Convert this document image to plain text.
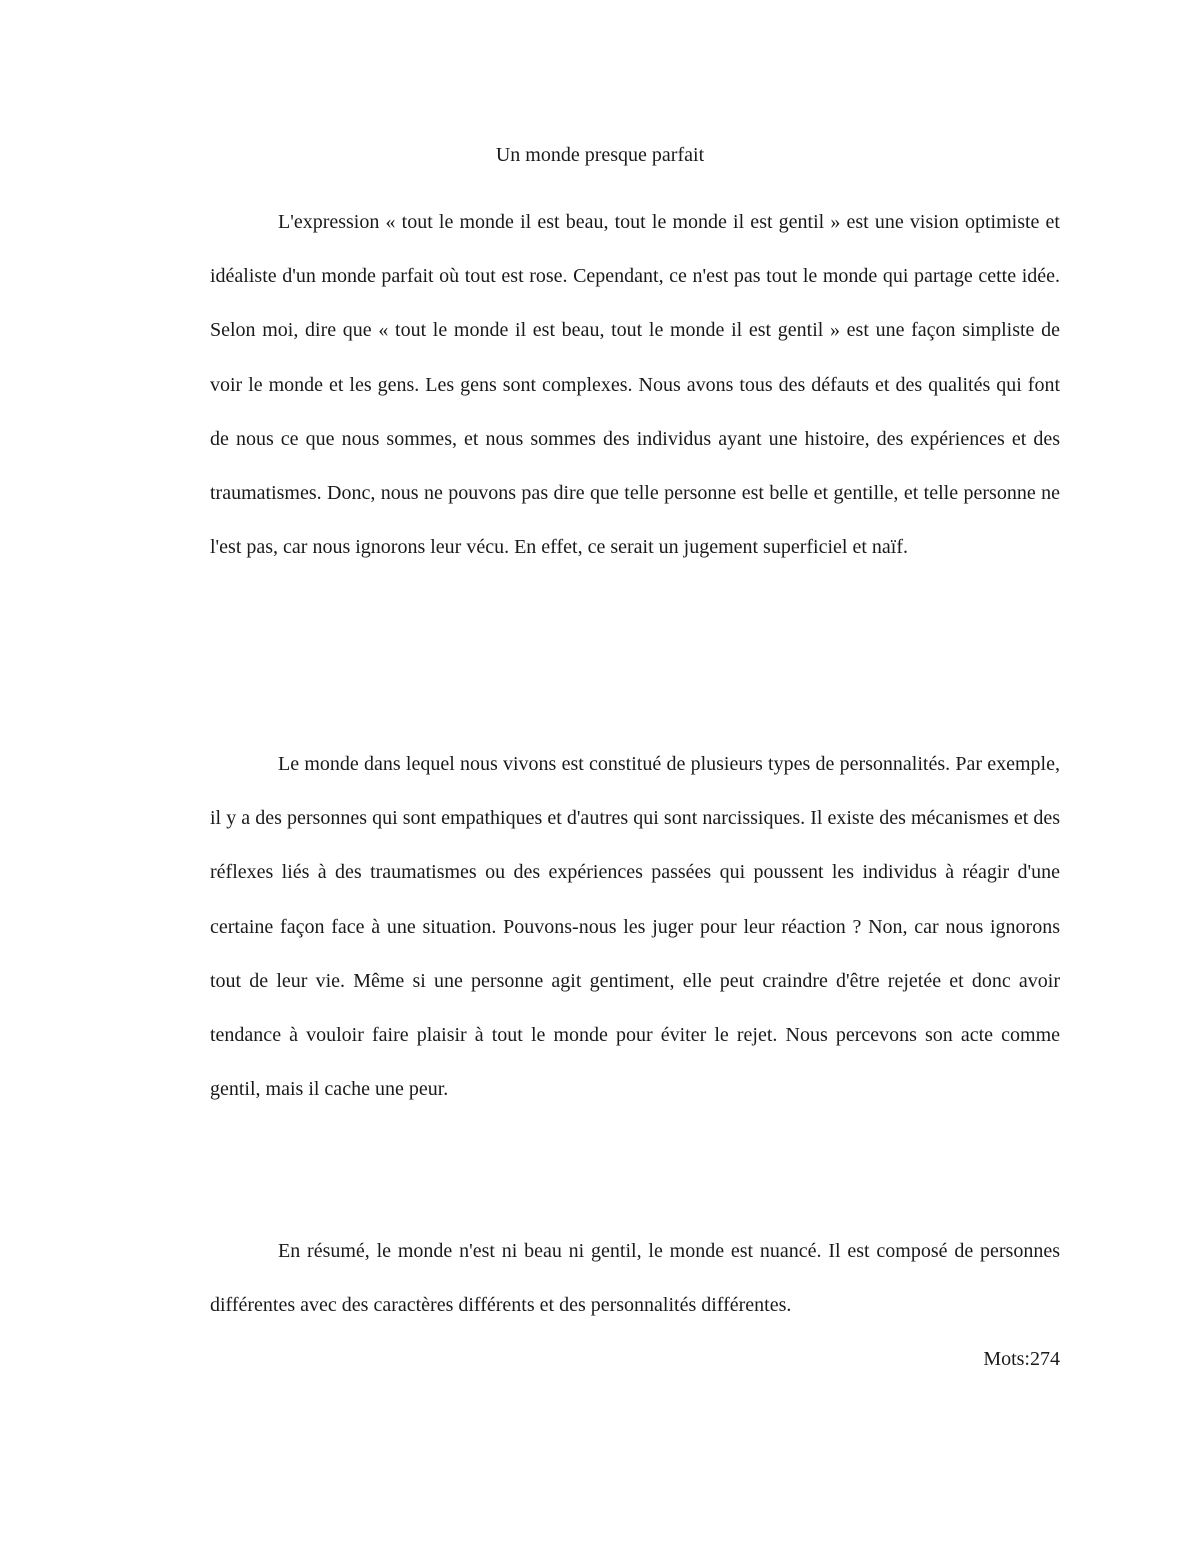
Un monde presque parfait

L'expression « tout le monde il est beau, tout le monde il est gentil » est une vision optimiste et idéaliste d'un monde parfait où tout est rose. Cependant, ce n'est pas tout le monde qui partage cette idée. Selon moi, dire que « tout le monde il est beau, tout le monde il est gentil » est une façon simpliste de voir le monde et les gens. Les gens sont complexes. Nous avons tous des défauts et des qualités qui font de nous ce que nous sommes, et nous sommes des individus ayant une histoire, des expériences et des traumatismes. Donc, nous ne pouvons pas dire que telle personne est belle et gentille, et telle personne ne l'est pas, car nous ignorons leur vécu. En effet, ce serait un jugement superficiel et naïf.

Le monde dans lequel nous vivons est constitué de plusieurs types de personnalités. Par exemple, il y a des personnes qui sont empathiques et d'autres qui sont narcissiques. Il existe des mécanismes et des réflexes liés à des traumatismes ou des expériences passées qui poussent les individus à réagir d'une certaine façon face à une situation. Pouvons-nous les juger pour leur réaction ? Non, car nous ignorons tout de leur vie. Même si une personne agit gentiment, elle peut craindre d'être rejetée et donc avoir tendance à vouloir faire plaisir à tout le monde pour éviter le rejet. Nous percevons son acte comme gentil, mais il cache une peur.

En résumé, le monde n'est ni beau ni gentil, le monde est nuancé. Il est composé de personnes différentes avec des caractères différents et des personnalités différentes.

Mots:274
